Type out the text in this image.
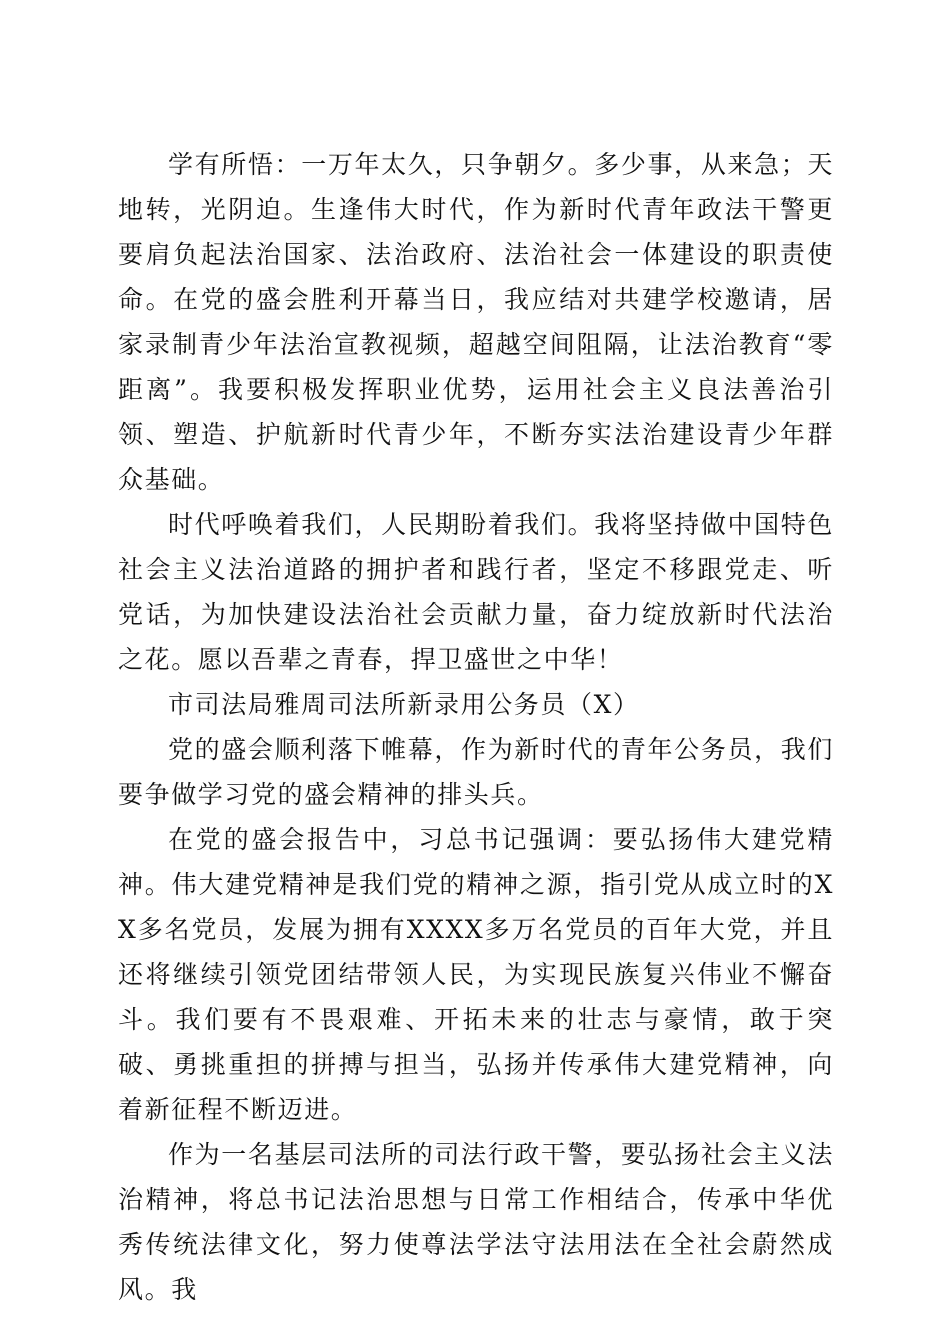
学有所悟：一万年太久，只争朝夕。多少事，从来急；天地转，光阴迫。生逢伟大时代，作为新时代青年政法干警更要肩负起法治国家、法治政府、法治社会一体建设的职责使命。在党的盛会胜利开幕当日，我应结对共建学校邀请，居家录制青少年法治宣教视频，超越空间阻隔，让法治教育“零距离”。我要积极发挥职业优势，运用社会主义良法善治引领、塑造、护航新时代青少年，不断夯实法治建设青少年群众基础。

时代呼唤着我们，人民期盼着我们。我将坚持做中国特色社会主义法治道路的拥护者和践行者，坚定不移跟党走、听党话，为加快建设法治社会贡献力量，奋力绽放新时代法治之花。愿以吾辈之青春，捍卫盛世之中华！

市司法局雅周司法所新录用公务员（X）

党的盛会顺利落下帷幕，作为新时代的青年公务员，我们要争做学习党的盛会精神的排头兵。

在党的盛会报告中，习总书记强调：要弘扬伟大建党精神。伟大建党精神是我们党的精神之源，指引党从成立时的XX多名党员，发展为拥有XXXX多万名党员的百年大党，并且还将继续引领党团结带领人民，为实现民族复兴伟业不懈奋斗。我们要有不畏艰难、开拓未来的壮志与豪情，敢于突破、勇挑重担的拼搏与担当，弘扬并传承伟大建党精神，向着新征程不断迈进。

作为一名基层司法所的司法行政干警，要弘扬社会主义法治精神，将总书记法治思想与日常工作相结合，传承中华优秀传统法律文化，努力使尊法学法守法用法在全社会蔚然成风。我
